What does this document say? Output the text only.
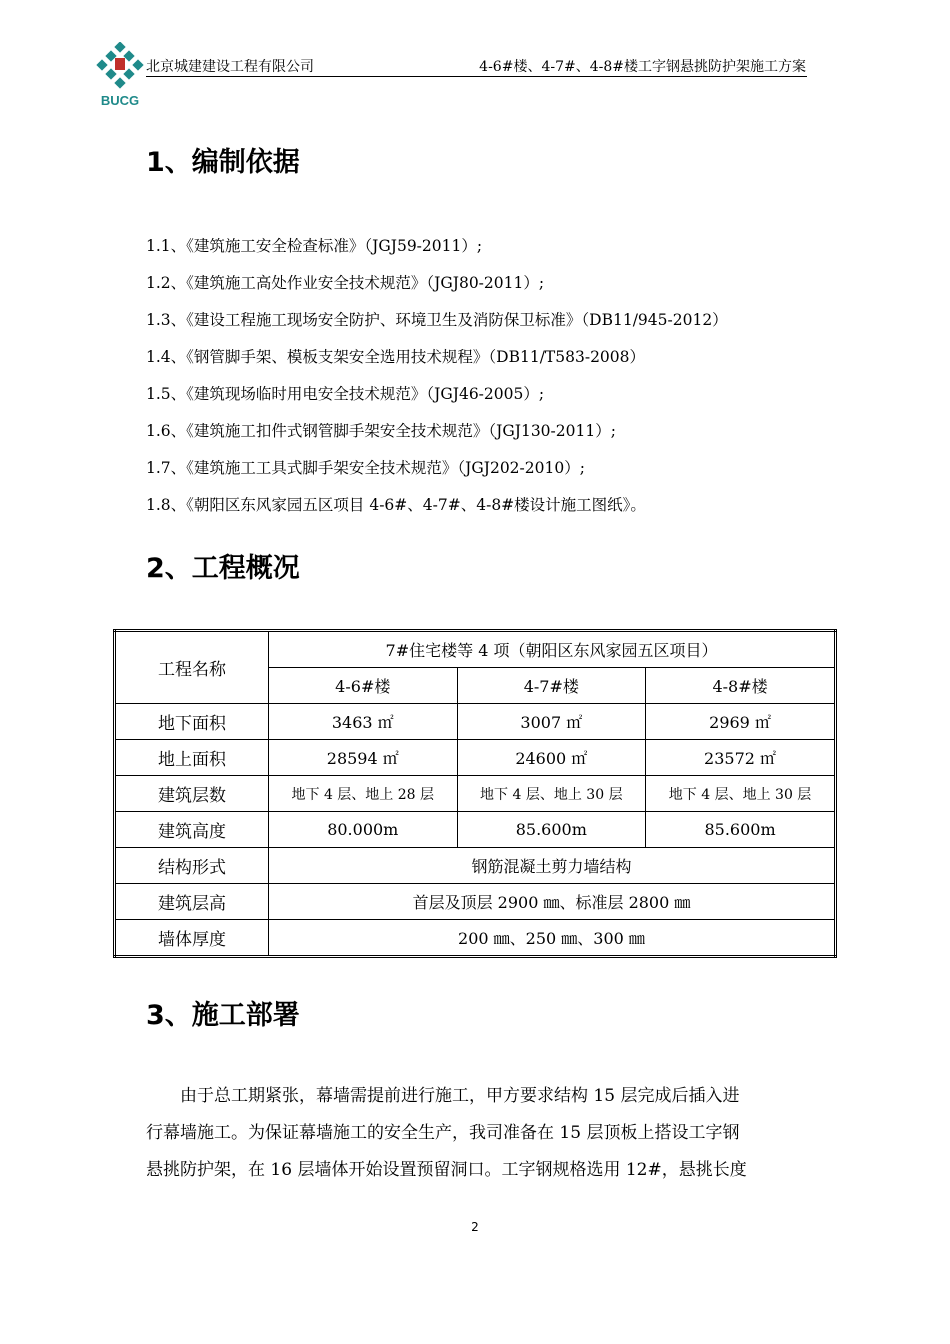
BUCG
北京城建建设工程有限公司	4-6#楼、4-7#、4-8#楼工字钢悬挑防护架施工方案
1、编制依据
1.1、《建筑施工安全检查标准》（JGJ59-2011）;
1.2、《建筑施工高处作业安全技术规范》（JGJ80-2011）;
1.3、《建设工程施工现场安全防护、环境卫生及消防保卫标准》（DB11/945-2012）
1.4、《钢管脚手架、模板支架安全选用技术规程》（DB11/T583-2008）
1.5、《建筑现场临时用电安全技术规范》（JGJ46-2005）;
1.6、《建筑施工扣件式钢管脚手架安全技术规范》（JGJ130-2011）;
1.7、《建筑施工工具式脚手架安全技术规范》（JGJ202-2010）;
1.8、《朝阳区东风家园五区项目 4-6#、4-7#、4-8#楼设计施工图纸》。
2、工程概况
工程名称	7#住宅楼等 4 项（朝阳区东风家园五区项目）		
	4-6#楼	4-7#楼	4-8#楼
地下面积	3463 ㎡	3007 ㎡	2969 ㎡
地上面积	28594 ㎡	24600 ㎡	23572 ㎡
建筑层数	地下 4 层、地上 28 层	地下 4 层、地上 30 层	地下 4 层、地上 30 层
建筑高度	80.000m	85.600m	85.600m
结构形式	钢筋混凝土剪力墙结构		
建筑层高	首层及顶层 2900 ㎜、标准层 2800 ㎜		
墙体厚度	200 ㎜、250 ㎜、300 ㎜		
3、施工部署
由于总工期紧张，幕墙需提前进行施工，甲方要求结构 15 层完成后插入进
行幕墙施工。为保证幕墙施工的安全生产，我司准备在 15 层顶板上搭设工字钢
悬挑防护架，在 16 层墙体开始设置预留洞口。工字钢规格选用 12#，悬挑长度
2
